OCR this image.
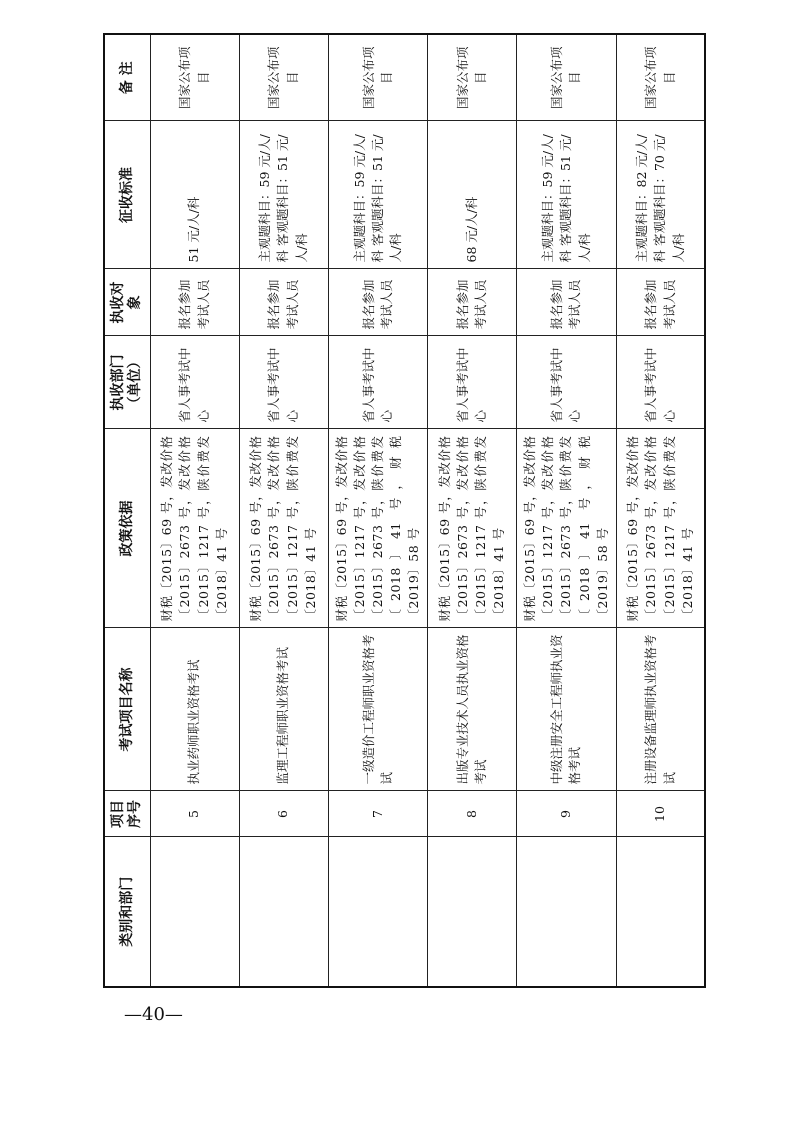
类别和部门	项目序号	考试项目名称	政策依据	执收部门（单位）	执收对象	征收标准	备 注
	5	执业药师职业资格考试	财税〔2015〕69 号，发改价格〔2015〕2673 号，发改价格〔2015〕1217 号，陕价费发〔2018〕41 号	省人事考试中心	报名参加考试人员	51 元/人/科	国家公布项目
	6	监理工程师职业资格考试	财税〔2015〕69 号，发改价格〔2015〕2673 号，发改价格〔2015〕1217 号，陕价费发〔2018〕41 号	省人事考试中心	报名参加考试人员	主观题科目：59 元/人/科 客观题科目：51 元/人/科	国家公布项目
	7	一级造价工程师职业资格考试	财税〔2015〕69 号，发改价格〔2015〕1217 号，发改价格〔2015〕2673 号，陕价费发〔2018〕41 号，财税〔2019〕58 号	省人事考试中心	报名参加考试人员	主观题科目：59 元/人/科 客观题科目：51 元/人/科	国家公布项目
	8	出版专业技术人员执业资格考试	财税〔2015〕69 号，发改价格〔2015〕2673 号，发改价格〔2015〕1217 号，陕价费发〔2018〕41 号	省人事考试中心	报名参加考试人员	68 元/人/科	国家公布项目
	9	中级注册安全工程师执业资格考试	财税〔2015〕69 号，发改价格〔2015〕1217 号，发改价格〔2015〕2673 号，陕价费发〔2018〕41 号，财税〔2019〕58 号	省人事考试中心	报名参加考试人员	主观题科目：59 元/人/科 客观题科目：51 元/人/科	国家公布项目
	10	注册设备监理师执业资格考试	财税〔2015〕69 号，发改价格〔2015〕2673 号，发改价格〔2015〕1217 号，陕价费发〔2018〕41 号	省人事考试中心	报名参加考试人员	主观题科目：82 元/人/科 客观题科目：70 元/人/科	国家公布项目
—40—
